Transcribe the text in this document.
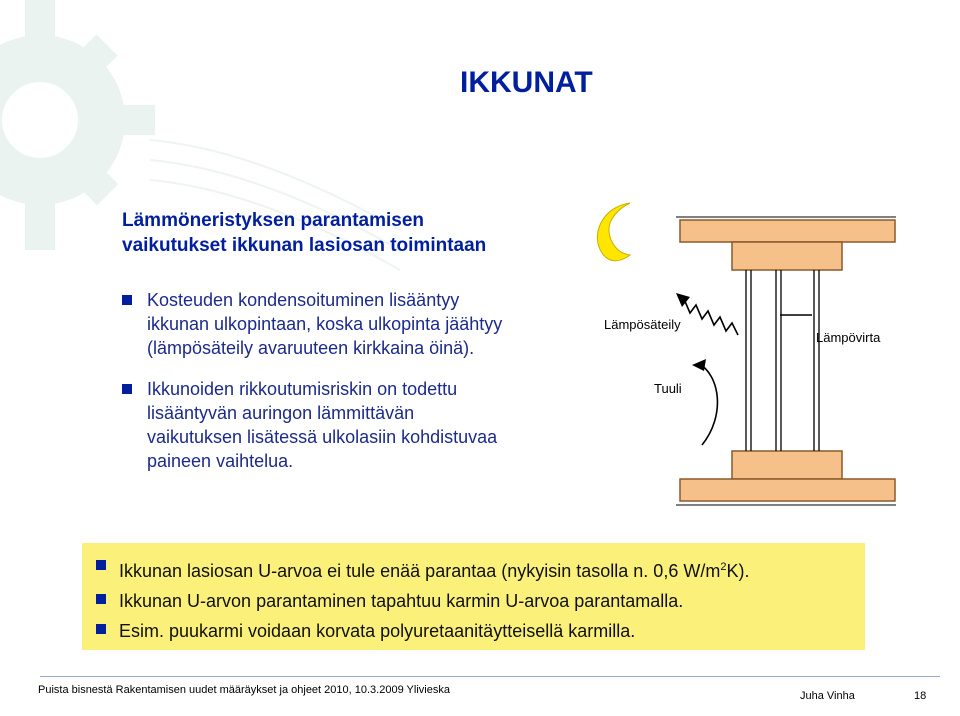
IKKUNAT
Lämmöneristyksen parantamisen
vaikutukset ikkunan lasiosan toimintaan
Kosteuden kondensoituminen lisääntyy
ikkunan ulkopintaan, koska ulkopinta jäähtyy
(lämpösäteily avaruuteen kirkkaina öinä).
Ikkunoiden rikkoutumisriskin on todettu
lisääntyvän auringon lämmittävän
vaikutuksen lisätessä ulkolasiin kohdistuvaa
paineen vaihtelua.
Lämpösäteily
Lämpövirta
Tuuli
Ikkunan lasiosan U-arvoa ei tule enää parantaa (nykyisin tasolla n. 0,6 $W/m^2K$).
Ikkunan U-arvon parantaminen tapahtuu karmin U-arvoa parantamalla.
Esim. puukarmi voidaan korvata polyuretaanitäytteisellä karmilla.
Puista bisnestä Rakentamisen uudet määräykset ja ohjeet 2010, 10.3.2009 Ylivieska	Juha Vinha	18
